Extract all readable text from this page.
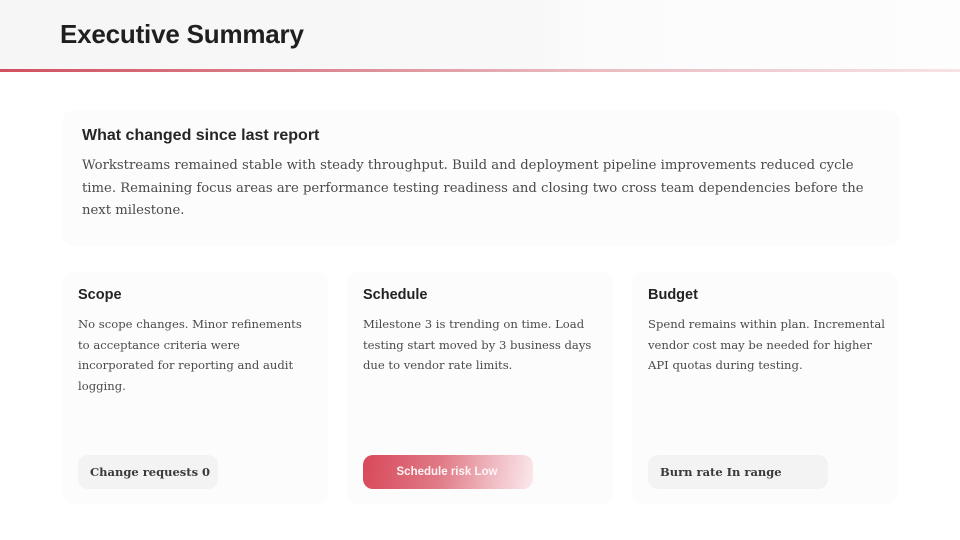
Executive Summary
What changed since last report

Workstreams remained stable with steady throughput. Build and deployment pipeline improvements reduced cycle time. Remaining focus areas are performance testing readiness and closing two cross team dependencies before the next milestone.

Scope

No scope changes. Minor refinements to acceptance criteria were incorporated for reporting and audit logging.

Change requests 0
Schedule

Milestone 3 is trending on time. Load testing start moved by 3 business days due to vendor rate limits.

Schedule risk Low
Budget

Spend remains within plan. Incremental vendor cost may be needed for higher API quotas during testing.

Burn rate In range
